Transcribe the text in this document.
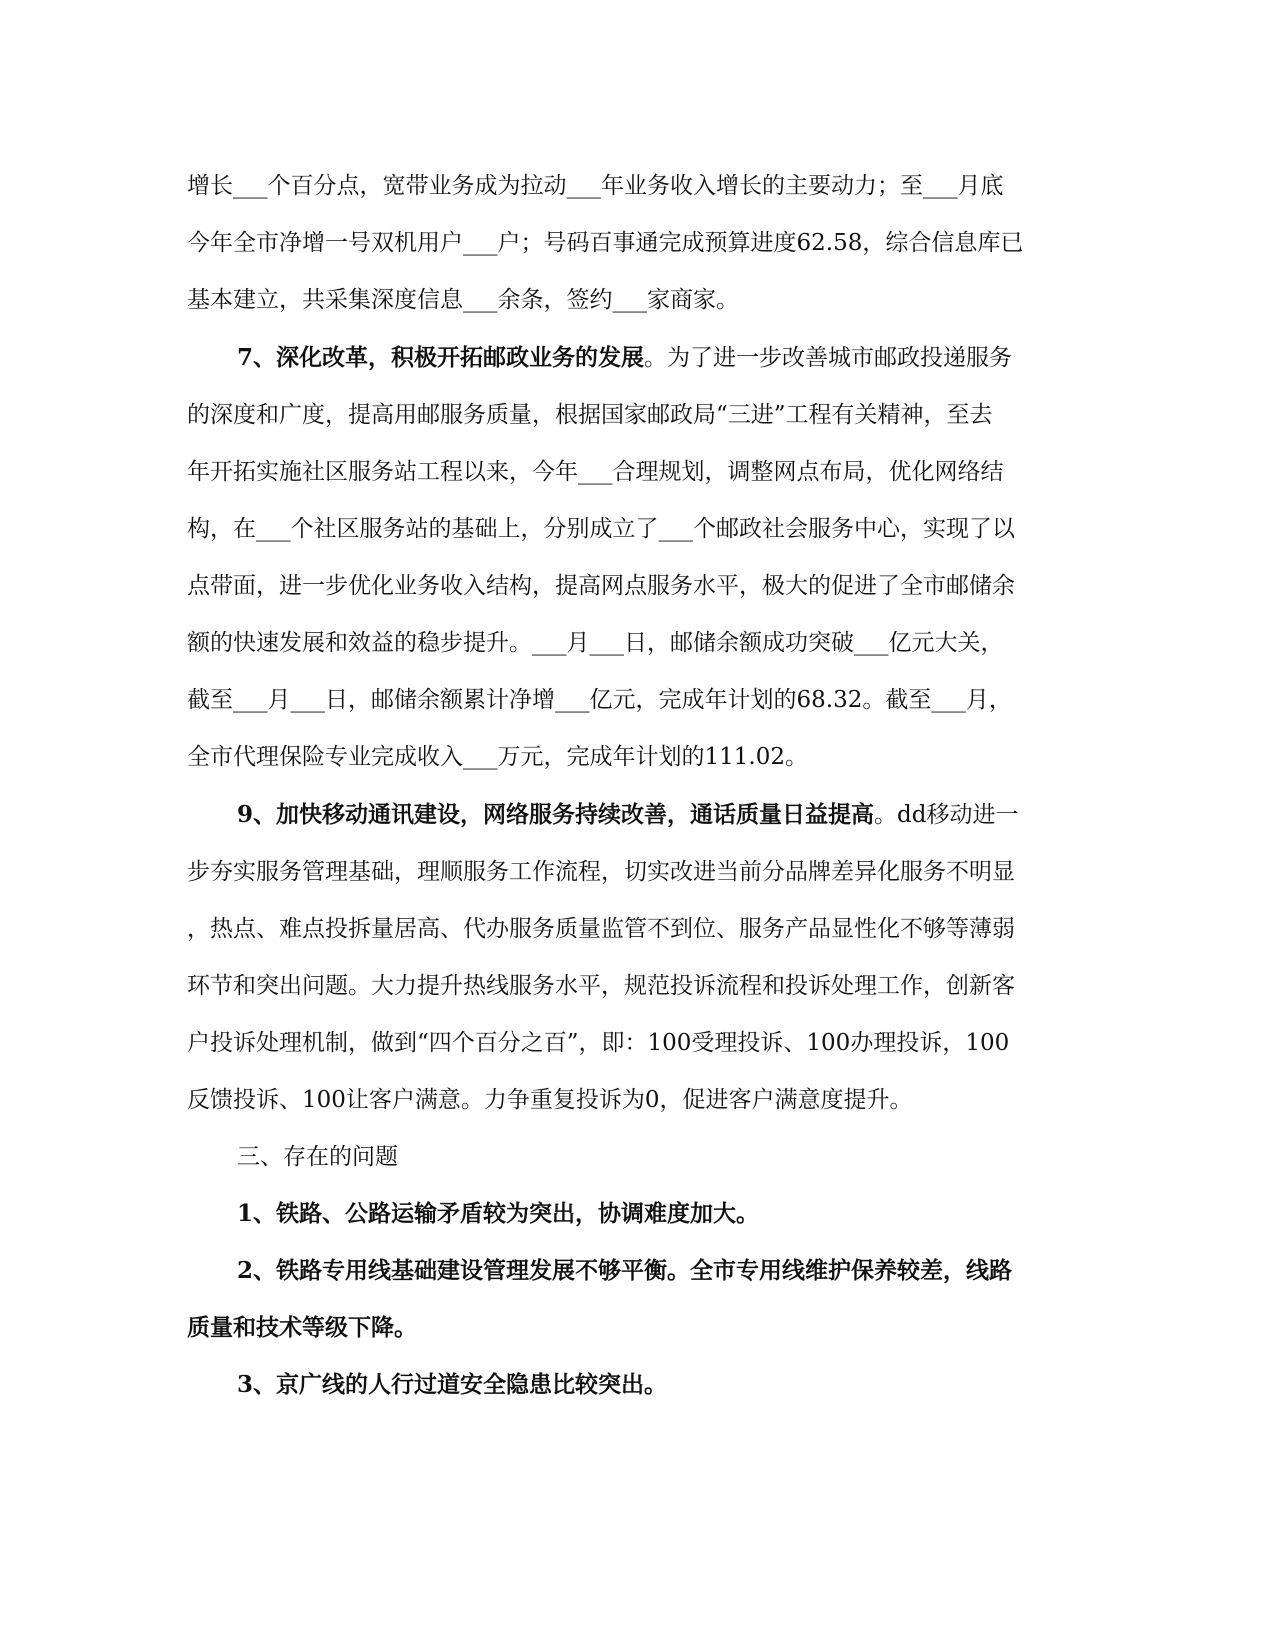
增长___个百分点，宽带业务成为拉动___年业务收入增长的主要动力；至___月底
今年全市净增一号双机用户___户；号码百事通完成预算进度62.58，综合信息库已
基本建立，共采集深度信息___余条，签约___家商家。
7、深化改革，积极开拓邮政业务的发展。为了进一步改善城市邮政投递服务
的深度和广度，提高用邮服务质量，根据国家邮政局“三进”工程有关精神，至去
年开拓实施社区服务站工程以来，今年___合理规划，调整网点布局，优化网络结
构，在___个社区服务站的基础上，分别成立了___个邮政社会服务中心，实现了以
点带面，进一步优化业务收入结构，提高网点服务水平，极大的促进了全市邮储余
额的快速发展和效益的稳步提升。___月___日，邮储余额成功突破___亿元大关，
截至___月___日，邮储余额累计净增___亿元，完成年计划的68.32。截至___月，
全市代理保险专业完成收入___万元，完成年计划的111.02。
9、加快移动通讯建设，网络服务持续改善，通话质量日益提高。dd移动进一
步夯实服务管理基础，理顺服务工作流程，切实改进当前分品牌差异化服务不明显
，热点、难点投拆量居高、代办服务质量监管不到位、服务产品显性化不够等薄弱
环节和突出问题。大力提升热线服务水平，规范投诉流程和投诉处理工作，创新客
户投诉处理机制，做到“四个百分之百”，即：100受理投诉、100办理投诉，100
反馈投诉、100让客户满意。力争重复投诉为0，促进客户满意度提升。
三、存在的问题
1、铁路、公路运输矛盾较为突出，协调难度加大。
2、铁路专用线基础建设管理发展不够平衡。全市专用线维护保养较差，线路
质量和技术等级下降。
3、京广线的人行过道安全隐患比较突出。
